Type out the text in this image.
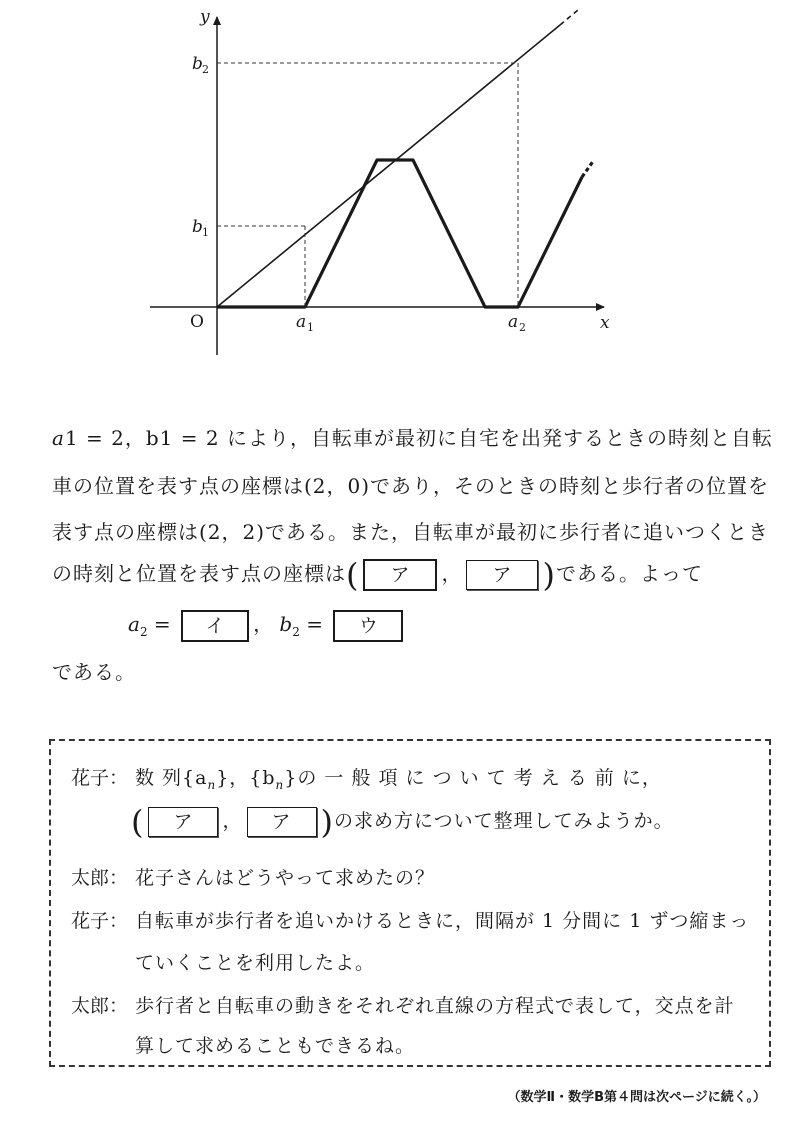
y
x
O	a 1	a 2
b 1
b 2
a1 = 2，b1 = 2 により，自転車が最初に自宅を出発するときの時刻と自転
車の位置を表す点の座標は(2，0)であり，そのときの時刻と歩行者の位置を
表す点の座標は(2，2)である。また，自転車が最初に歩行者に追いつくとき
の時刻と位置を表す点の座標は( ア ， ア )である。よって
$a_2$ = イ ， $b_2$ = ウ
である。
花子： 数 列$\{a_n\}$，$\{b_n\}$の 一 般 項 に つ い て 考 え る 前 に，
( ア ， ア )の求め方について整理してみようか。
太郎： 花子さんはどうやって求めたの？
花子： 自転車が歩行者を追いかけるときに，間隔が 1 分間に 1 ずつ縮まっ
ていくことを利用したよ。
太郎： 歩行者と自転車の動きをそれぞれ直線の方程式で表して，交点を計
算して求めることもできるね。
（数学Ⅱ・数学B第４問は次ページに続く。）
